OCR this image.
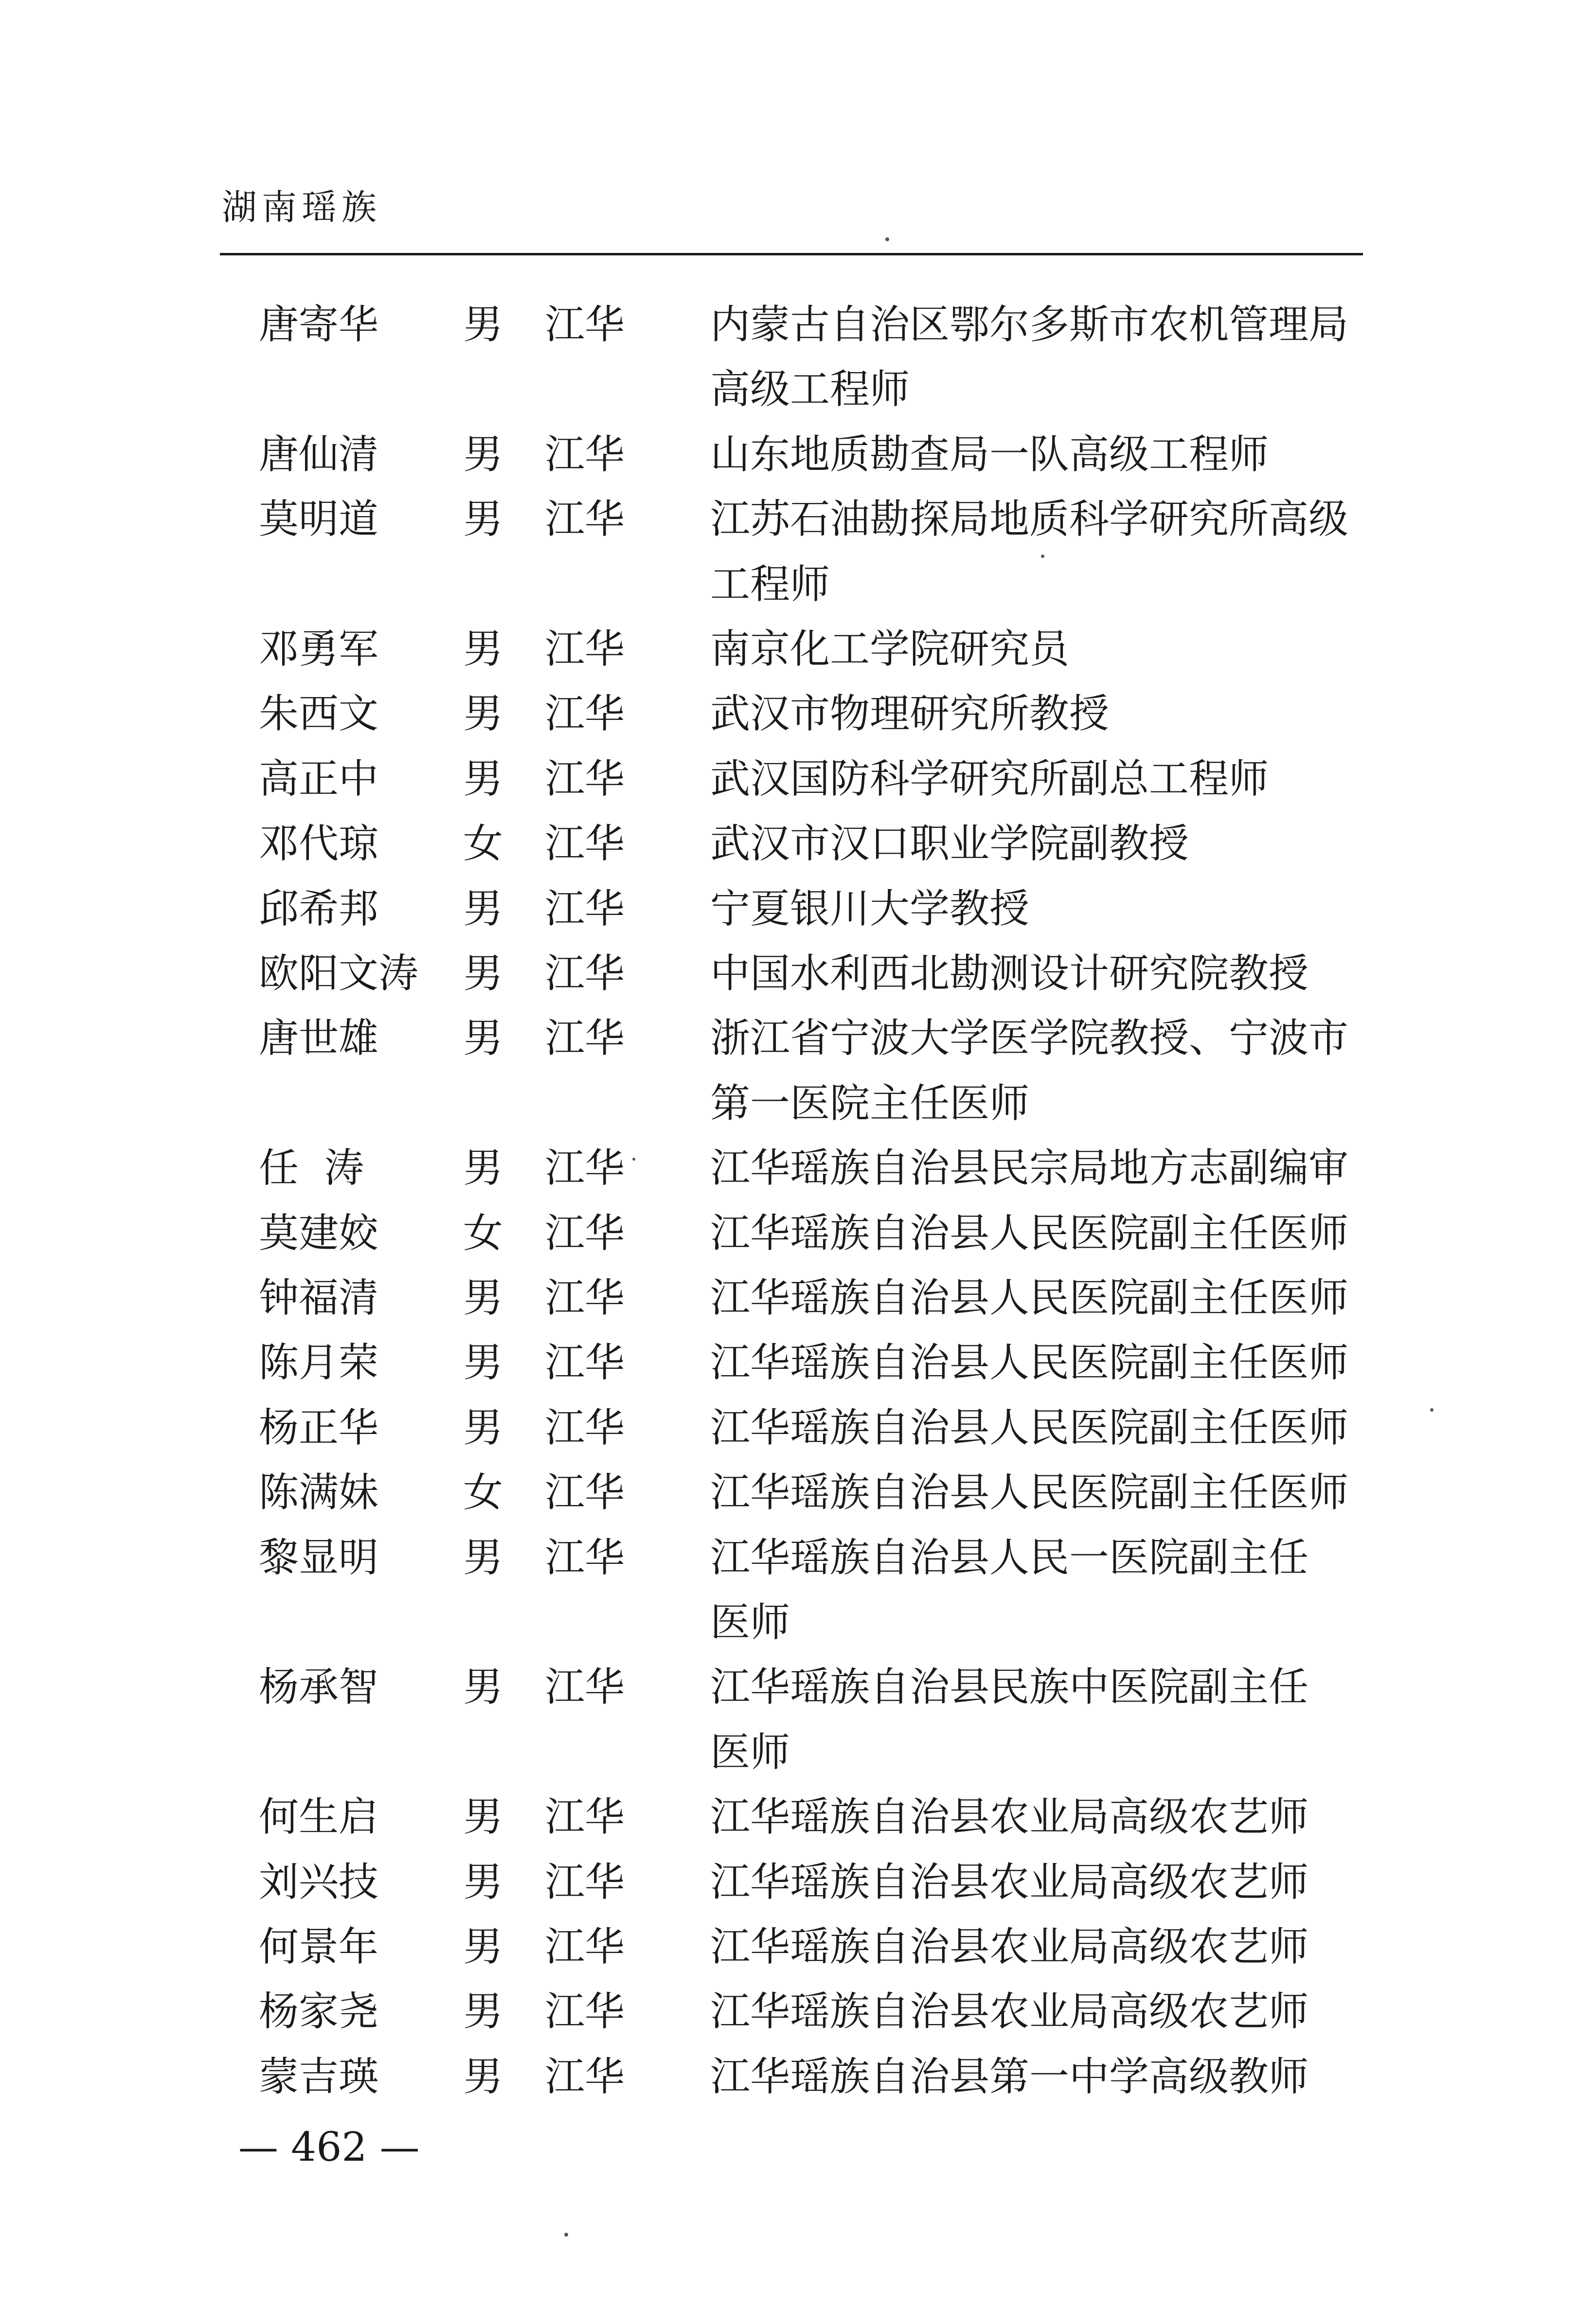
湖南瑶族
唐寄华 男 江华 内蒙古自治区鄂尔多斯市农机管理局
高级工程师
唐仙清 男 江华 山东地质勘查局一队高级工程师
莫明道 男 江华 江苏石油勘探局地质科学研究所高级
工程师
邓勇军 男 江华 南京化工学院研究员
朱西文 男 江华 武汉市物理研究所教授
高正中 男 江华 武汉国防科学研究所副总工程师
邓代琼 女 江华 武汉市汉口职业学院副教授
邱希邦 男 江华 宁夏银川大学教授
欧阳文涛 男 江华 中国水利西北勘测设计研究院教授
唐世雄 男 江华 浙江省宁波大学医学院教授、宁波市
第一医院主任医师
任  涛 男 江华 江华瑶族自治县民宗局地方志副编审
莫建姣 女 江华 江华瑶族自治县人民医院副主任医师
钟福清 男 江华 江华瑶族自治县人民医院副主任医师
陈月荣 男 江华 江华瑶族自治县人民医院副主任医师
杨正华 男 江华 江华瑶族自治县人民医院副主任医师
陈满妹 女 江华 江华瑶族自治县人民医院副主任医师
黎显明 男 江华 江华瑶族自治县人民一医院副主任
医师
杨承智 男 江华 江华瑶族自治县民族中医院副主任
医师
何生启 男 江华 江华瑶族自治县农业局高级农艺师
刘兴技 男 江华 江华瑶族自治县农业局高级农艺师
何景年 男 江华 江华瑶族自治县农业局高级农艺师
杨家尧 男 江华 江华瑶族自治县农业局高级农艺师
蒙吉瑛 男 江华 江华瑶族自治县第一中学高级教师
— 462 —
